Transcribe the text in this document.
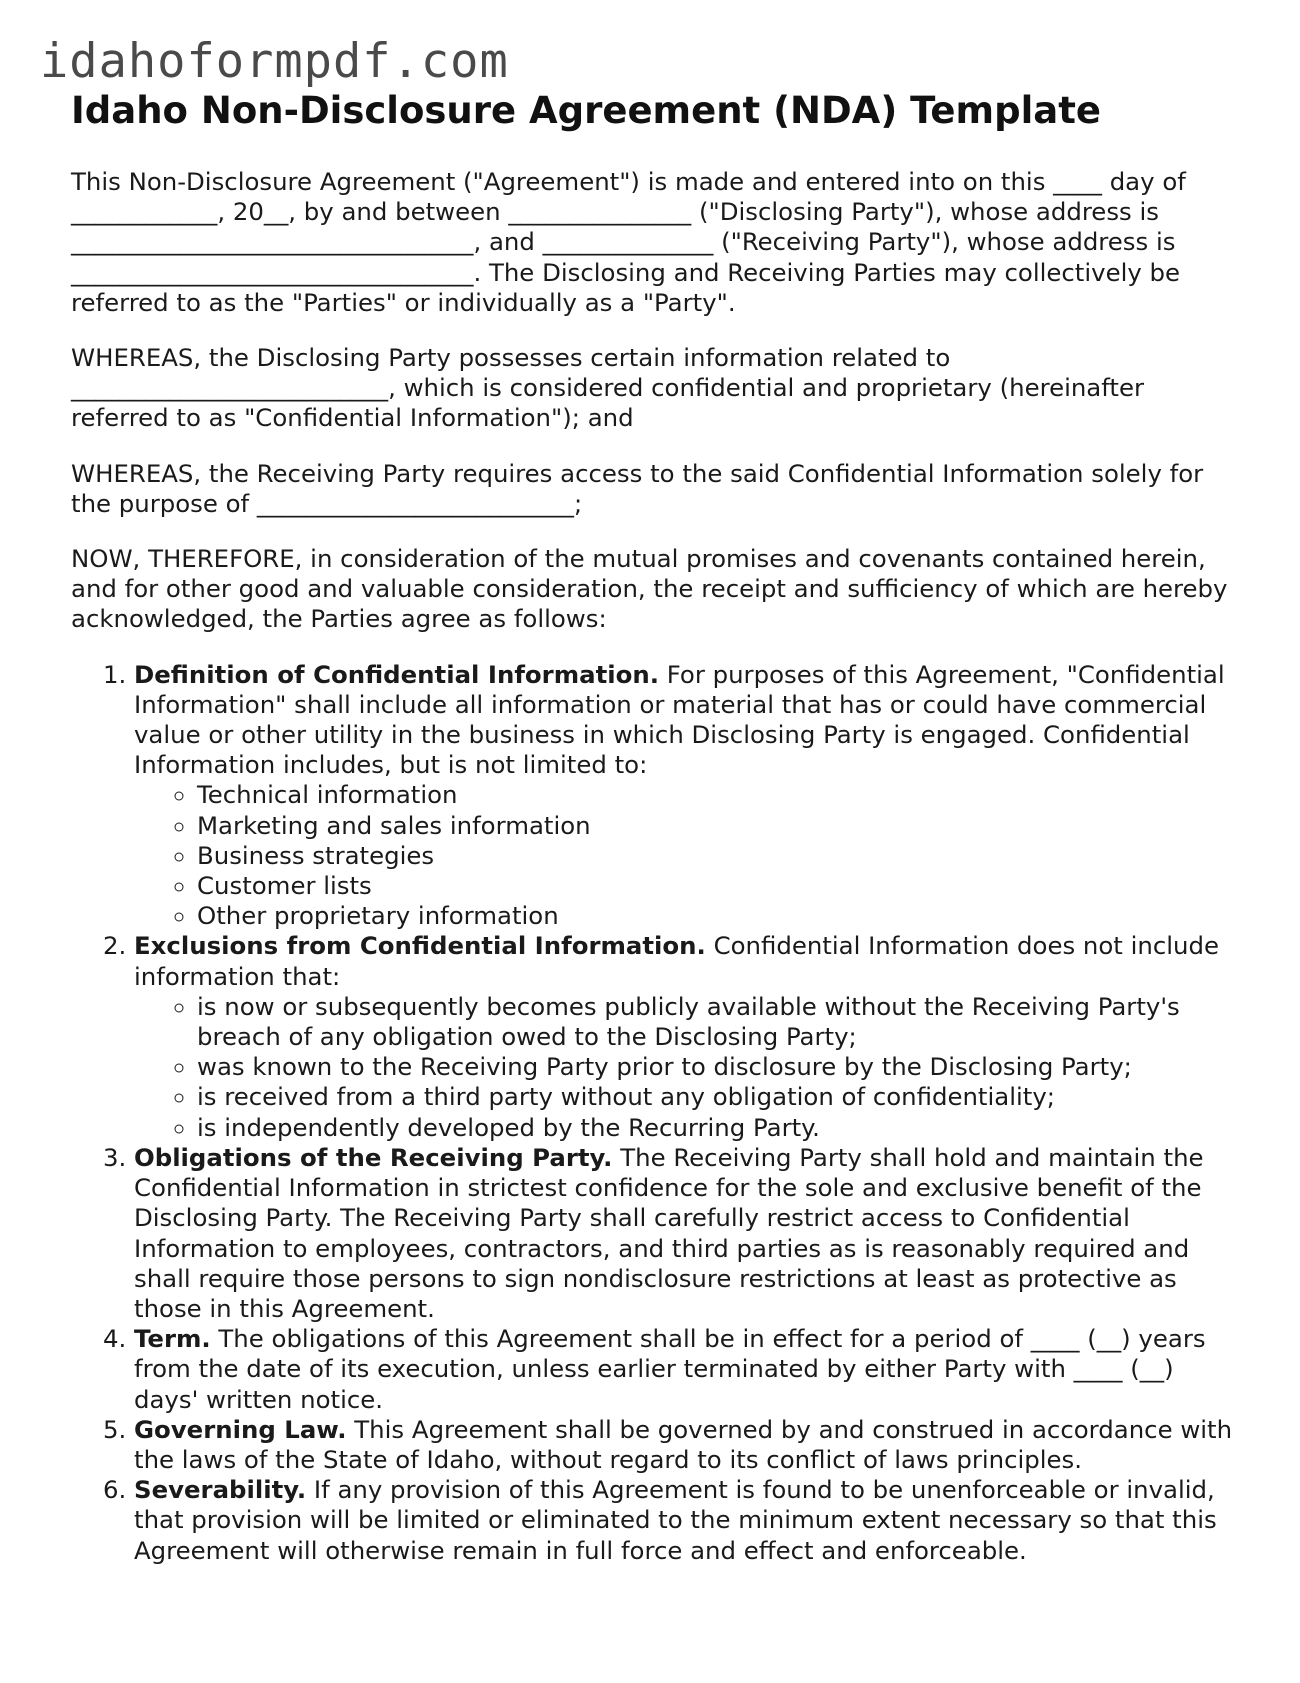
idahoformpdf.com
Idaho Non-Disclosure Agreement (NDA) Template

This Non-Disclosure Agreement ("Agreement") is made and entered into on this ____ day of ____________, 20__, by and between _______________ ("Disclosing Party"), whose address is _________________________________, and ______________ ("Receiving Party"), whose address is _________________________________. The Disclosing and Receiving Parties may collectively be referred to as the "Parties" or individually as a "Party".

WHEREAS, the Disclosing Party possesses certain information related to __________________________, which is considered confidential and proprietary (hereinafter referred to as "Confidential Information"); and

WHEREAS, the Receiving Party requires access to the said Confidential Information solely for the purpose of __________________________;

NOW, THEREFORE, in consideration of the mutual promises and covenants contained herein, and for other good and valuable consideration, the receipt and sufficiency of which are hereby acknowledged, the Parties agree as follows:

1. Definition of Confidential Information. For purposes of this Agreement, "Confidential Information" shall include all information or material that has or could have commercial value or other utility in the business in which Disclosing Party is engaged. Confidential Information includes, but is not limited to:
◦ Technical information
◦ Marketing and sales information
◦ Business strategies
◦ Customer lists
◦ Other proprietary information
2. Exclusions from Confidential Information. Confidential Information does not include information that:
◦ is now or subsequently becomes publicly available without the Receiving Party's breach of any obligation owed to the Disclosing Party;
◦ was known to the Receiving Party prior to disclosure by the Disclosing Party;
◦ is received from a third party without any obligation of confidentiality;
◦ is independently developed by the Recurring Party.
3. Obligations of the Receiving Party. The Receiving Party shall hold and maintain the Confidential Information in strictest confidence for the sole and exclusive benefit of the Disclosing Party. The Receiving Party shall carefully restrict access to Confidential Information to employees, contractors, and third parties as is reasonably required and shall require those persons to sign nondisclosure restrictions at least as protective as those in this Agreement.
4. Term. The obligations of this Agreement shall be in effect for a period of ____ (__) years from the date of its execution, unless earlier terminated by either Party with ____ (__) days' written notice.
5. Governing Law. This Agreement shall be governed by and construed in accordance with the laws of the State of Idaho, without regard to its conflict of laws principles.
6. Severability. If any provision of this Agreement is found to be unenforceable or invalid, that provision will be limited or eliminated to the minimum extent necessary so that this Agreement will otherwise remain in full force and effect and enforceable.
